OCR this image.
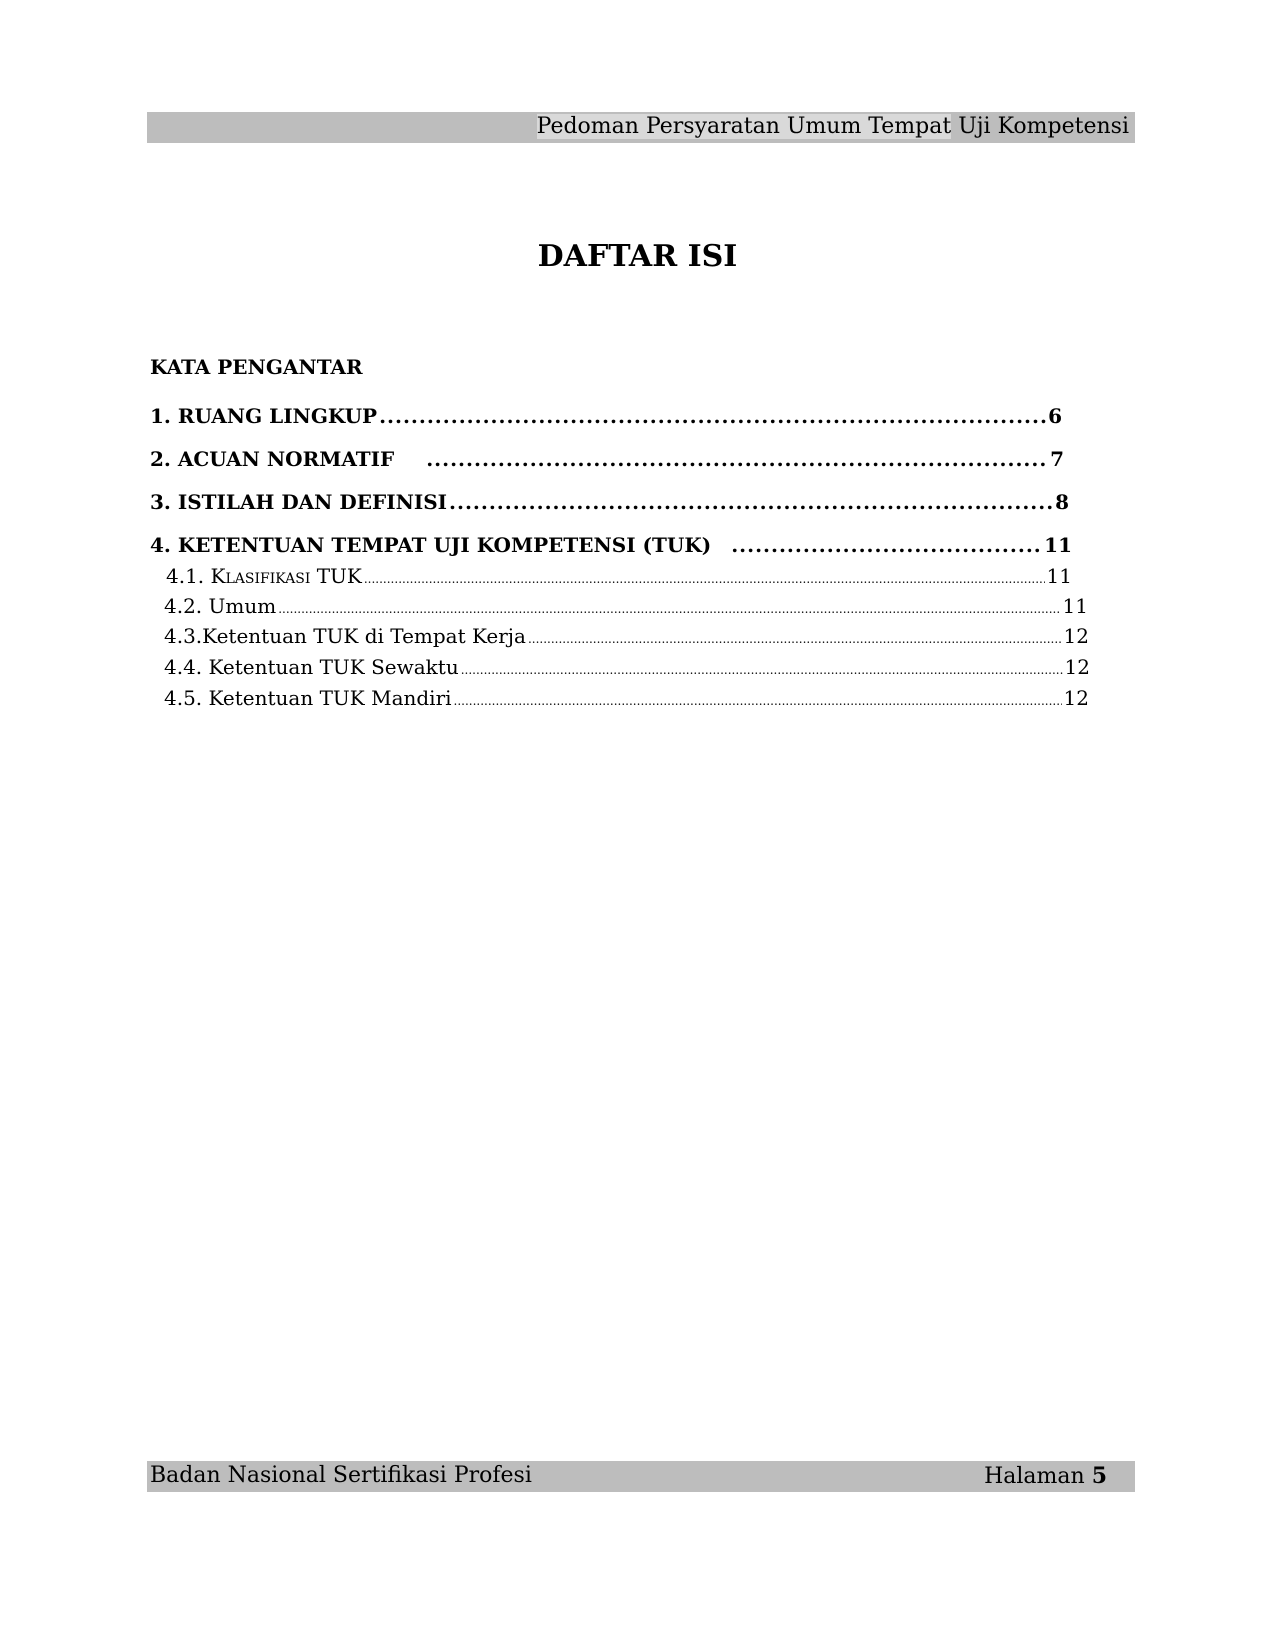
Pedoman Persyaratan Umum Tempat Uji Kompetensi
DAFTAR ISI
KATA PENGANTAR
1. RUANG LINGKUP .....	6
2. ACUAN NORMATIF .....	7
3. ISTILAH DAN DEFINISI .....	8
4. KETENTUAN TEMPAT UJI KOMPETENSI (TUK) .....	11
4.1. Klasifikasi TUK .....	11
4.2. Umum .....	11
4.3.Ketentuan TUK di Tempat Kerja .....	12
4.4. Ketentuan TUK Sewaktu .....	12
4.5. Ketentuan TUK Mandiri .....	12
Badan Nasional Sertifikasi Profesi	Halaman 5
